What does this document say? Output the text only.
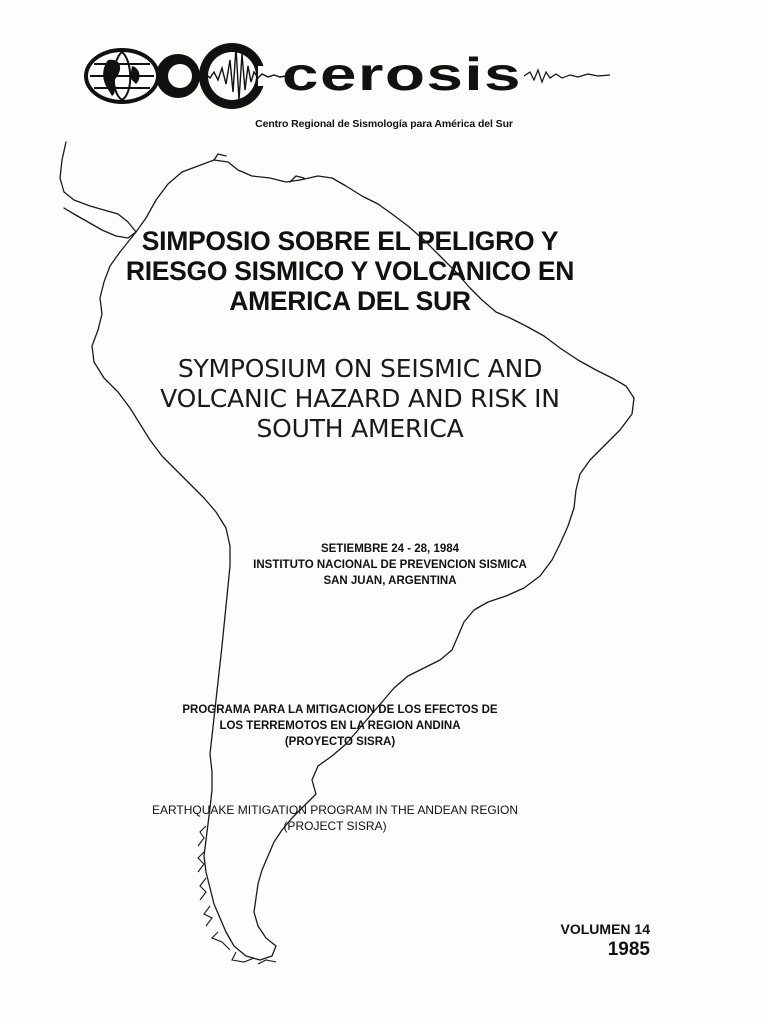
cerosis
Centro Regional de Sismología para América del Sur
SIMPOSIO SOBRE EL PELIGRO Y
RIESGO SISMICO Y VOLCANICO EN
AMERICA DEL SUR
SYMPOSIUM ON SEISMIC AND
VOLCANIC HAZARD AND RISK IN
SOUTH AMERICA
SETIEMBRE 24 - 28, 1984
INSTITUTO NACIONAL DE PREVENCION SISMICA
SAN JUAN, ARGENTINA
PROGRAMA PARA LA MITIGACION DE LOS EFECTOS DE
LOS TERREMOTOS EN LA REGION ANDINA
(PROYECTO SISRA)
EARTHQUAKE MITIGATION PROGRAM IN THE ANDEAN REGION
(PROJECT SISRA)
VOLUMEN 14
1985
